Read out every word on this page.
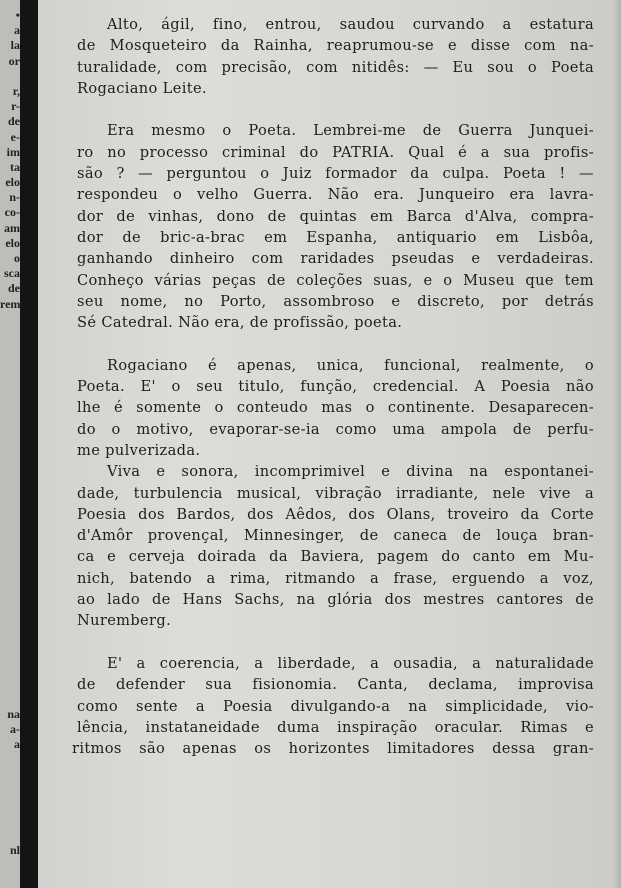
•
a
la
or
r,
r-
de
e-
im
ta
elo
n-
co-
am
elo
o
sca
de
rem
na
a-
a
nl
Alto, ágil, fino, entrou, saudou curvando a estatura
de Mosqueteiro da Rainha, reaprumou-se e disse com na-
turalidade, com precisão, com nitidês: — Eu sou o Poeta
Rogaciano Leite.
Era mesmo o Poeta. Lembrei-me de Guerra Junquei-
ro no processo criminal do PATRIA. Qual é a sua profis-
são ? — perguntou o Juiz formador da culpa. Poeta ! —
respondeu o velho Guerra. Não era. Junqueiro era lavra-
dor de vinhas, dono de quintas em Barca d'Alva, compra-
dor de bric-a-brac em Espanha, antiquario em Lisbôa,
ganhando dinheiro com raridades pseudas e verdadeiras.
Conheço várias peças de coleções suas, e o Museu que tem
seu nome, no Porto, assombroso e discreto, por detrás
Sé Catedral. Não era, de profissão, poeta.
Rogaciano é apenas, unica, funcional, realmente, o
Poeta. E' o seu titulo, função, credencial. A Poesia não
lhe é somente o conteudo mas o continente. Desaparecen-
do o motivo, evaporar-se-ia como uma ampola de perfu-
me pulverizada.
Viva e sonora, incomprimivel e divina na espontanei-
dade, turbulencia musical, vibração irradiante, nele vive a
Poesia dos Bardos, dos Aêdos, dos Olans, troveiro da Corte
d'Amôr provençal, Minnesinger, de caneca de louça bran-
ca e cerveja doirada da Baviera, pagem do canto em Mu-
nich, batendo a rima, ritmando a frase, erguendo a voz,
ao lado de Hans Sachs, na glória dos mestres cantores de
Nuremberg.
E' a coerencia, a liberdade, a ousadia, a naturalidade
de defender sua fisionomia. Canta, declama, improvisa
como sente a Poesia divulgando-a na simplicidade, vio-
lência, instataneidade duma inspiração oracular. Rimas e
ritmos são apenas os horizontes limitadores dessa gran-
